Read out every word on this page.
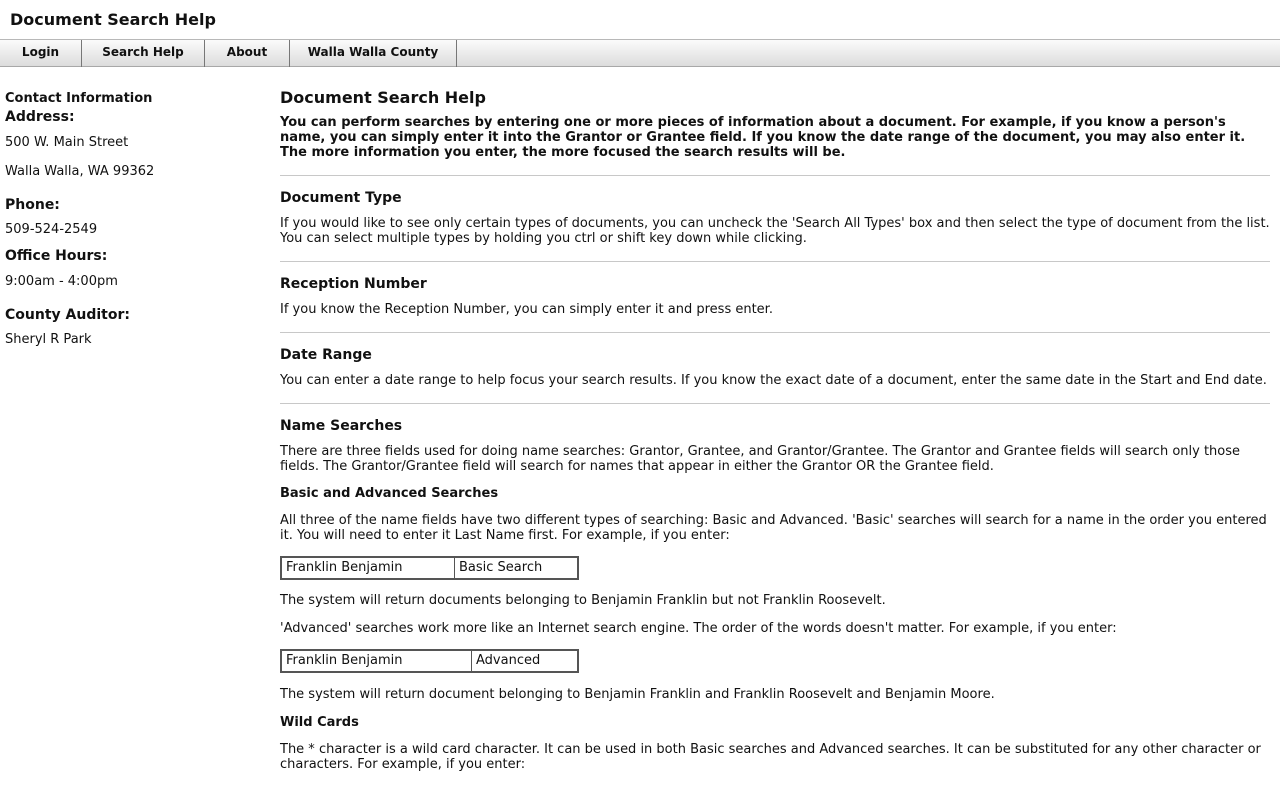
Document Search Help
Login	Search Help	About	Walla Walla County
Contact Information
Address:
500 W. Main Street
Walla Walla, WA 99362
Phone:
509-524-2549
Office Hours:
9:00am - 4:00pm
County Auditor:
Sheryl R Park
Document Search Help
You can perform searches by entering one or more pieces of information about a document. For example, if you know a person's name, you can simply enter it into the Grantor or Grantee field. If you know the date range of the document, you may also enter it. The more information you enter, the more focused the search results will be.
Document Type
If you would like to see only certain types of documents, you can uncheck the 'Search All Types' box and then select the type of document from the list. You can select multiple types by holding you ctrl or shift key down while clicking.
Reception Number
If you know the Reception Number, you can simply enter it and press enter.
Date Range
You can enter a date range to help focus your search results. If you know the exact date of a document, enter the same date in the Start and End date.
Name Searches
There are three fields used for doing name searches: Grantor, Grantee, and Grantor/Grantee. The Grantor and Grantee fields will search only those fields. The Grantor/Grantee field will search for names that appear in either the Grantor OR the Grantee field.
Basic and Advanced Searches
All three of the name fields have two different types of searching: Basic and Advanced. 'Basic' searches will search for a name in the order you entered it. You will need to enter it Last Name first. For example, if you enter:
Franklin Benjamin	Basic Search
The system will return documents belonging to Benjamin Franklin but not Franklin Roosevelt.
'Advanced' searches work more like an Internet search engine. The order of the words doesn't matter. For example, if you enter:
Franklin Benjamin	Advanced
The system will return document belonging to Benjamin Franklin and Franklin Roosevelt and Benjamin Moore.
Wild Cards
The * character is a wild card character. It can be used in both Basic searches and Advanced searches. It can be substituted for any other character or characters. For example, if you enter:
